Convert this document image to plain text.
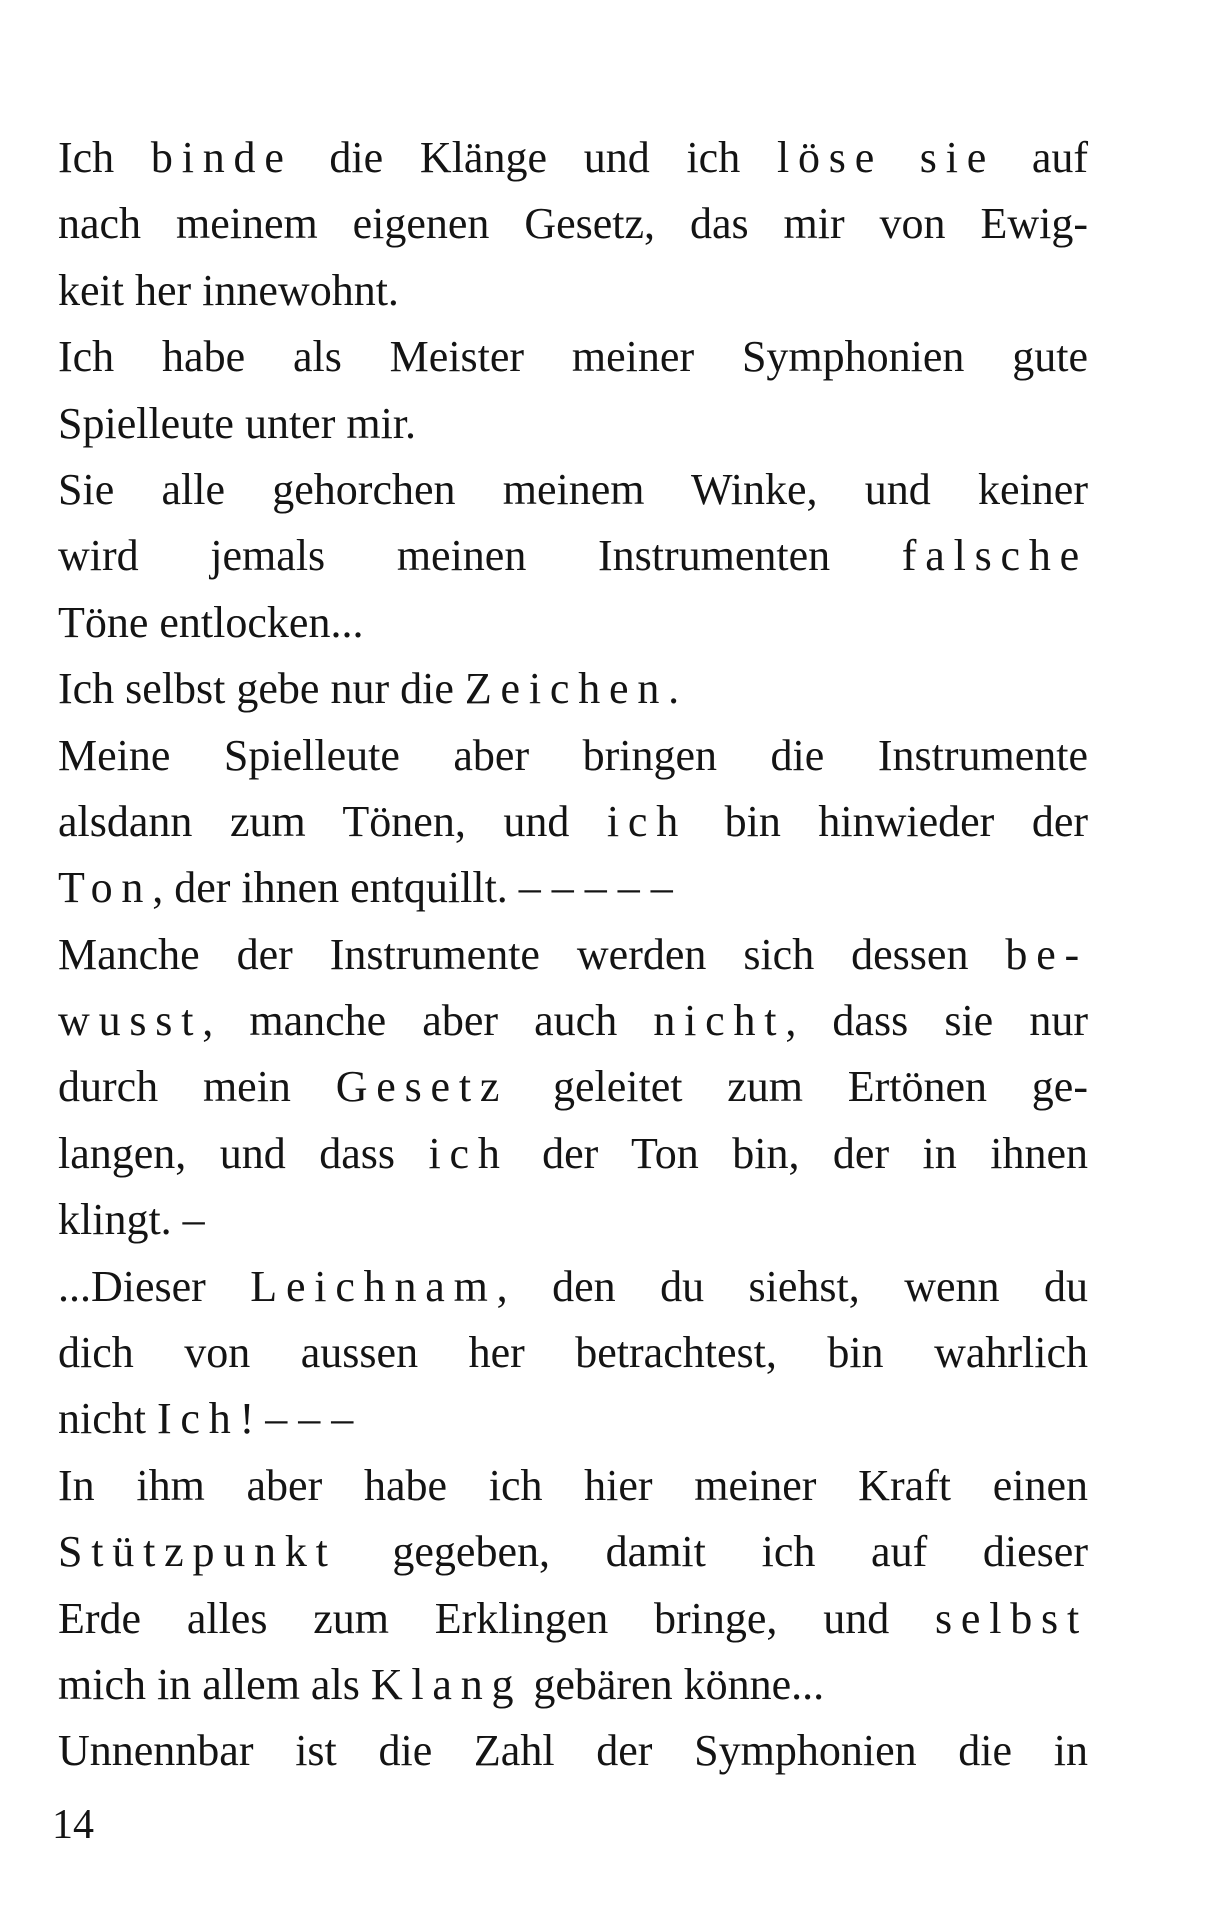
Ich binde die Klänge und ich löse sie auf
nach meinem eigenen Gesetz, das mir von Ewig-
keit her innewohnt.
Ich habe als Meister meiner Symphonien gute
Spielleute unter mir.
Sie alle gehorchen meinem Winke, und keiner
wird jemals meinen Instrumenten falsche
Töne entlocken...
Ich selbst gebe nur die Zeichen.
Meine Spielleute aber bringen die Instrumente
alsdann zum Tönen, und ich bin hinwieder der
Ton, der ihnen entquillt. – – – – –
Manche der Instrumente werden sich dessen be-
wusst, manche aber auch nicht, dass sie nur
durch mein Gesetz geleitet zum Ertönen ge-
langen, und dass ich der Ton bin, der in ihnen
klingt. –
...Dieser Leichnam, den du siehst, wenn du
dich von aussen her betrachtest, bin wahrlich
nicht Ich! – – –
In ihm aber habe ich hier meiner Kraft einen
Stützpunkt gegeben, damit ich auf dieser
Erde alles zum Erklingen bringe, und selbst
mich in allem als Klang gebären könne...
Unnennbar ist die Zahl der Symphonien die in
14
